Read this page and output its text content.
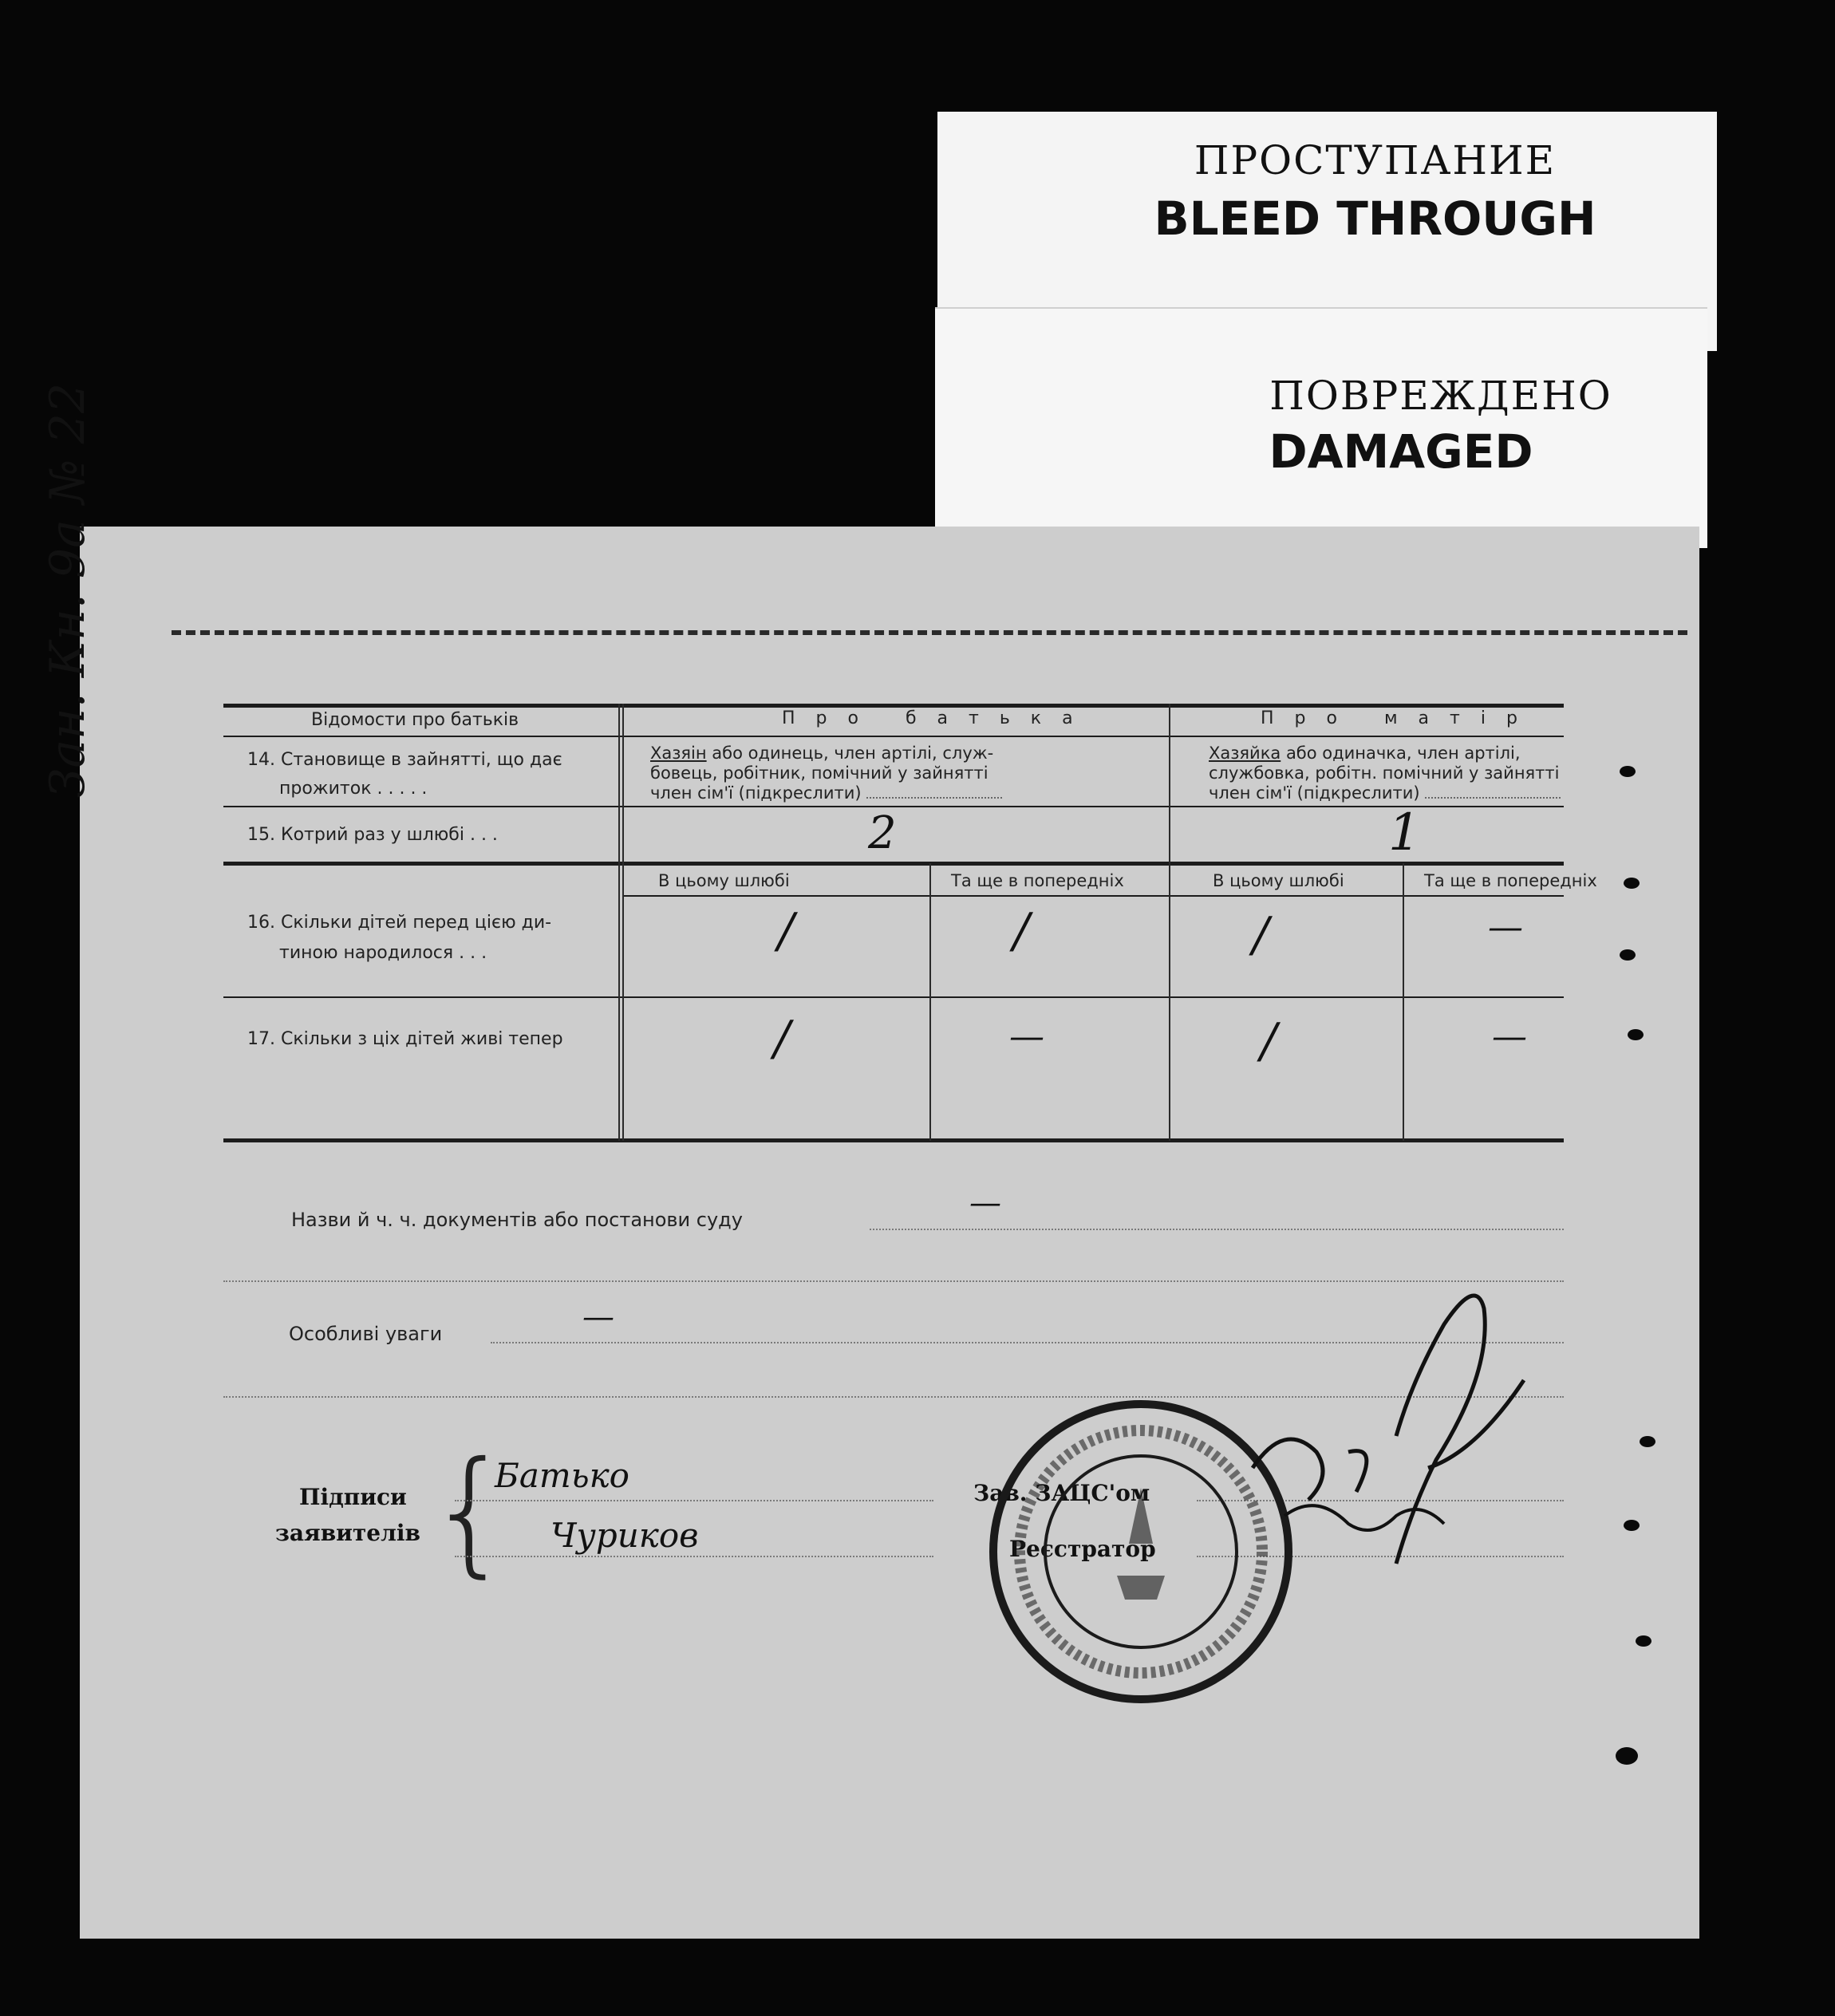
ПРОСТУПАНИЕ
BLEED THROUGH
ПОВРЕЖДЕНО
DAMAGED
Відомости про батьків	Про батька	Про матір
14. Становище в зайнятті, що дає
прожиток . . . . .
Хазяін або одинець, член артілі, служ-
бовець, робітник, помічний у зайнятті
член сім'ї (підкреслити)
Хазяйка або одиначка, член артілі,
службовка, робітн. помічний у зайнятті
член сім'ї (підкреслити)
15. Котрий раз у шлюбі . . .	2	1
В цьому шлюбі	Та ще в попередніх	В цьому шлюбі	Та ще в попередніх
16. Скільки дітей перед цією ди-
тиною народилося . . .	/	/	/	—
17. Скільки з ціх дітей живі тепер	/	—	/	—
Назви й ч. ч. документів або постанови суду	—
Особливі уваги	—
Підписи
заявителів {
Батько
Чуриков
Зав. ЗАЦС'ом
Реєстратор
Зан. Кн. 9а № 22
